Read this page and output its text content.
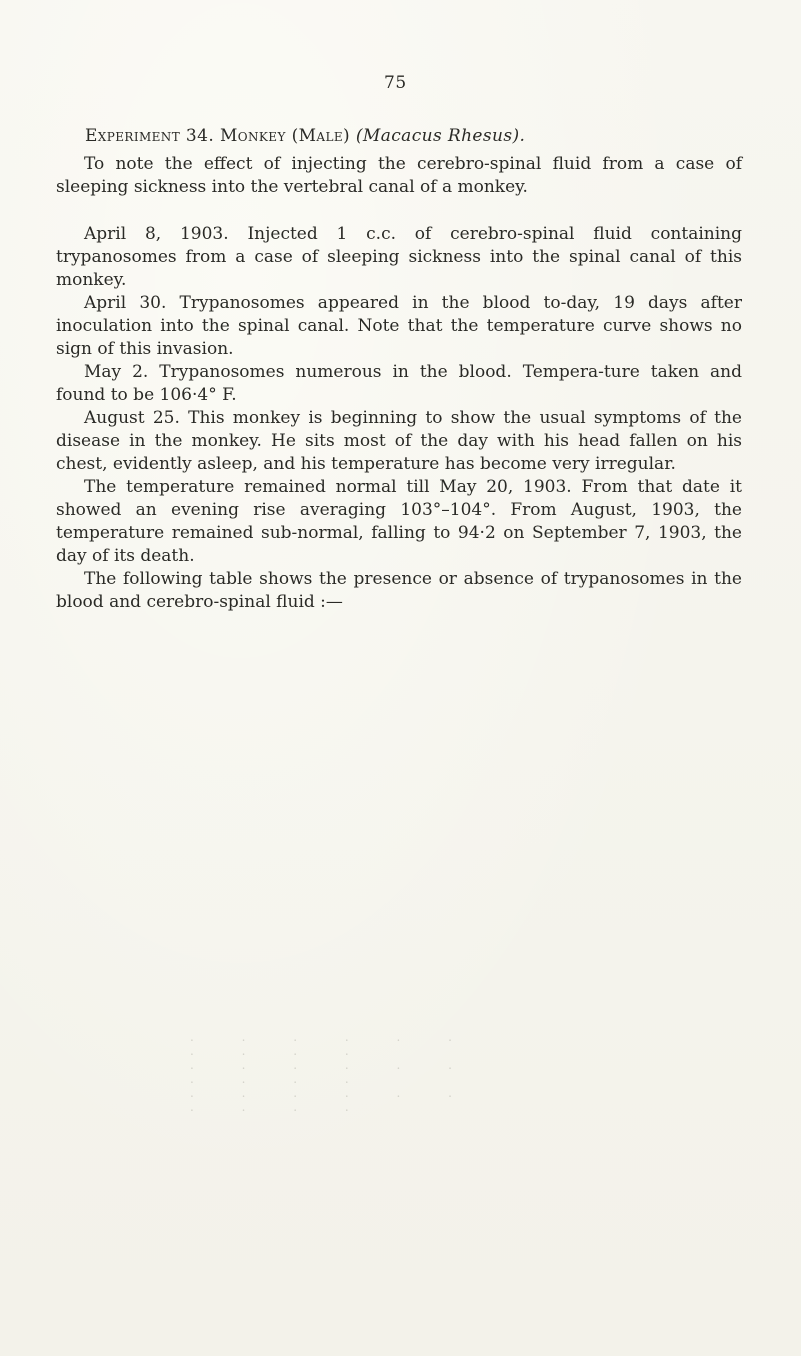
75
Experiment 34. Monkey (Male) (Macacus Rhesus).

To note the effect of injecting the cerebro-spinal fluid from a case of sleeping sickness into the vertebral canal of a monkey.

April 8, 1903. Injected 1 c.c. of cerebro-spinal fluid containing trypanosomes from a case of sleeping sickness into the spinal canal of this monkey.

April 30. Trypanosomes appeared in the blood to-day, 19 days after inoculation into the spinal canal. Note that the temperature curve shows no sign of this invasion.

May 2. Trypanosomes numerous in the blood. Tempera-ture taken and found to be 106·4° F.

August 25. This monkey is beginning to show the usual symptoms of the disease in the monkey. He sits most of the day with his head fallen on his chest, evidently asleep, and his temperature has become very irregular.

The temperature remained normal till May 20, 1903. From that date it showed an evening rise averaging 103°–104°. From August, 1903, the temperature remained sub-normal, falling to 94·2 on September 7, 1903, the day of its death.

The following table shows the presence or absence of trypanosomes in the blood and cerebro-spinal fluid :—

. . . . . . . . . .
. . . . . . . . . .
. . . . . . . . . .
